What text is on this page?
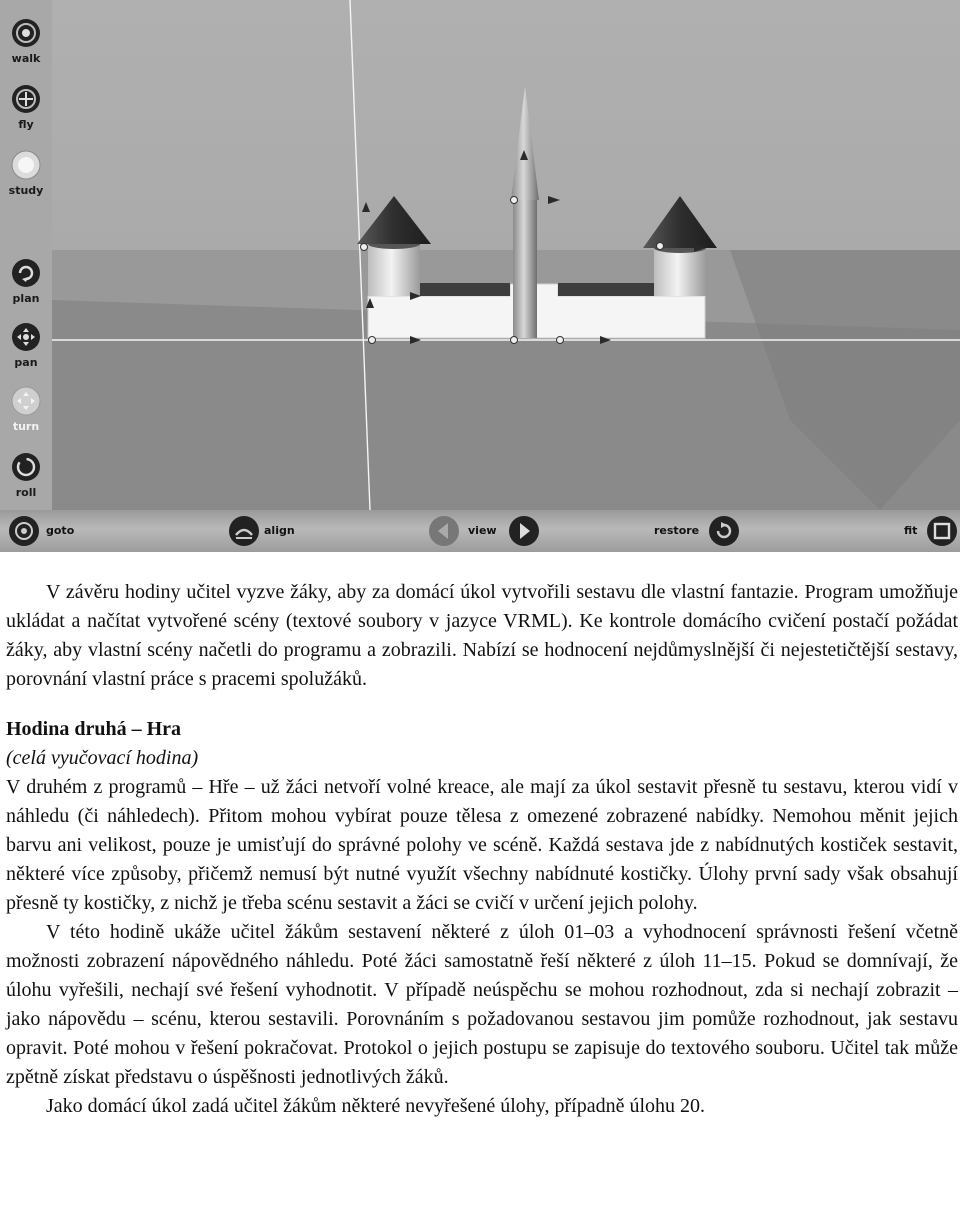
walk
fly
study
plan
pan
turn
roll
goto	align	view	restore	fit

V závěru hodiny učitel vyzve žáky, aby za domácí úkol vytvořili sestavu dle vlastní fantazie. Program umožňuje ukládat a načítat vytvořené scény (textové soubory v jazyce VRML). Ke kontrole domácího cvičení postačí požádat žáky, aby vlastní scény načetli do programu a zobrazili. Nabízí se hodnocení nejdůmyslnější či nejestetičtější sestavy, porovnání vlastní práce s pracemi spolužáků.

Hodina druhá – Hra

(celá vyučovací hodina)

V druhém z programů – Hře – už žáci netvoří volné kreace, ale mají za úkol sestavit přesně tu sestavu, kterou vidí v náhledu (či náhledech). Přitom mohou vybírat pouze tělesa z omezené zobrazené nabídky. Nemohou měnit jejich barvu ani velikost, pouze je umisťují do správné polohy ve scéně. Každá sestava jde z nabídnutých kostiček sestavit, některé více způsoby, přičemž nemusí být nutné využít všechny nabídnuté kostičky. Úlohy první sady však obsahují přesně ty kostičky, z nichž je třeba scénu sestavit a žáci se cvičí v určení jejich polohy.

V této hodině ukáže učitel žákům sestavení některé z úloh 01–03 a vyhodnocení správnosti řešení včetně možnosti zobrazení nápovědného náhledu. Poté žáci samostatně řeší některé z úloh 11–15. Pokud se domnívají, že úlohu vyřešili, nechají své řešení vyhodnotit. V případě neúspěchu se mohou rozhodnout, zda si nechají zobrazit – jako nápovědu – scénu, kterou sestavili. Porovnáním s požadovanou sestavou jim pomůže rozhodnout, jak sestavu opravit. Poté mohou v řešení pokračovat. Protokol o jejich postupu se zapisuje do textového souboru. Učitel tak může zpětně získat představu o úspěšnosti jednotlivých žáků.

Jako domácí úkol zadá učitel žákům některé nevyřešené úlohy, případně úlohu 20.
